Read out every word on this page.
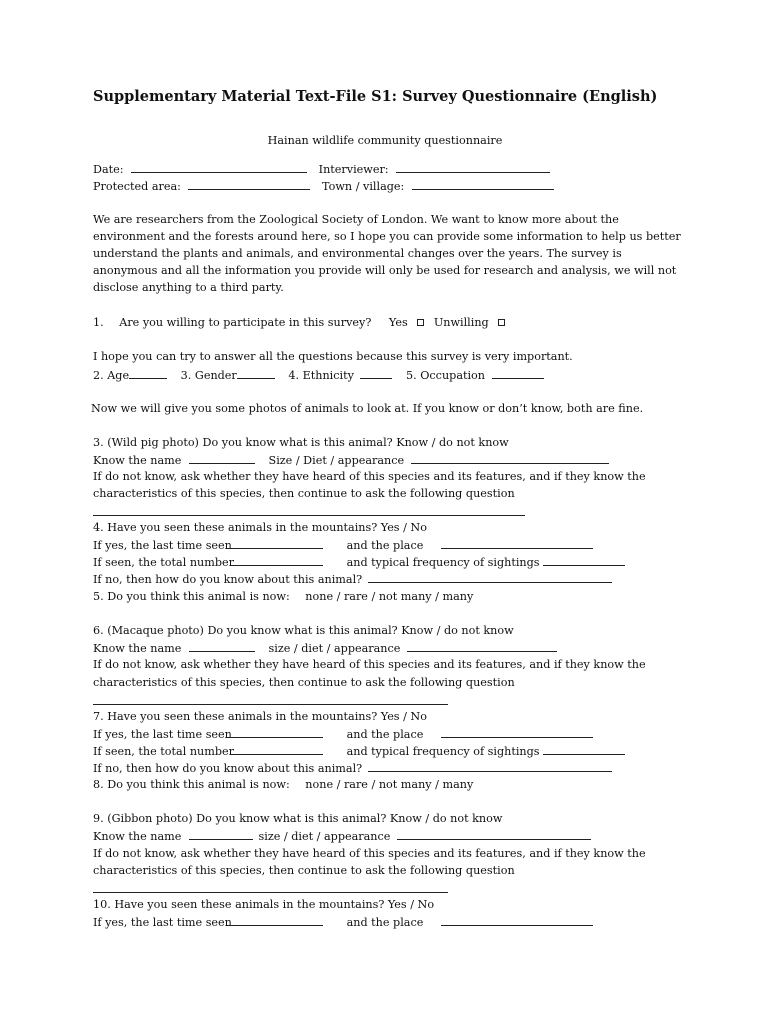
Supplementary Material Text-File S1: Survey Questionnaire (English)
Hainan wildlife community questionnaire
Date:	Interviewer:
Protected area:	Town / village:
We are researchers from the Zoological Society of London. We want to know more about the environment and the forests around here, so I hope you can provide some information to help us better understand the plants and animals, and environmental changes over the years. The survey is anonymous and all the information you provide will only be used for research and analysis, we will not disclose anything to a third party.
1. Are you willing to participate in this survey? Yes Unwilling
I hope you can try to answer all the questions because this survey is very important.
2. Age	3. Gender	4. Ethnicity	5. Occupation
Now we will give you some photos of animals to look at. If you know or don’t know, both are fine.
3. (Wild pig photo) Do you know what is this animal? Know / do not know
Know the name	Size / Diet / appearance
If do not know, ask whether they have heard of this species and its features, and if they know the
characteristics of this species, then continue to ask the following question
4. Have you seen these animals in the mountains? Yes / No
If yes, the last time seen	and the place
If seen, the total number	and typical frequency of sightings
If no, then how do you know about this animal?
5. Do you think this animal is now: none / rare / not many / many
6. (Macaque photo) Do you know what is this animal? Know / do not know
Know the name	size / diet / appearance
If do not know, ask whether they have heard of this species and its features, and if they know the
characteristics of this species, then continue to ask the following question
7. Have you seen these animals in the mountains? Yes / No
If yes, the last time seen	and the place
If seen, the total number	and typical frequency of sightings
If no, then how do you know about this animal?
8. Do you think this animal is now: none / rare / not many / many
9. (Gibbon photo) Do you know what is this animal? Know / do not know
Know the name	size / diet / appearance
If do not know, ask whether they have heard of this species and its features, and if they know the
characteristics of this species, then continue to ask the following question
10. Have you seen these animals in the mountains? Yes / No
If yes, the last time seen	and the place
